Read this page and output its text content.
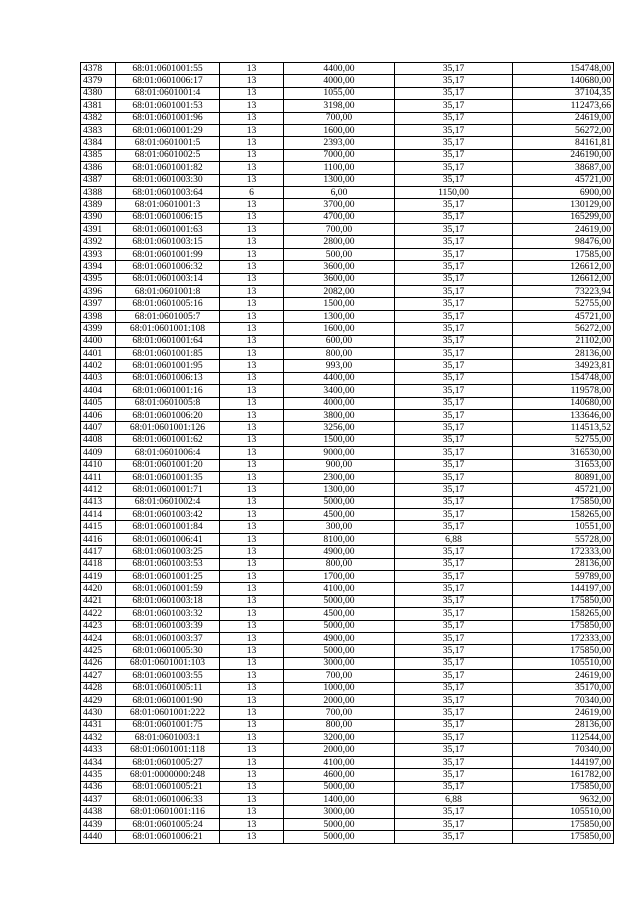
4378	68:01:0601001:55	13	4400,00	35,17	154748,00
4379	68:01:0601006:17	13	4000,00	35,17	140680,00
4380	68:01:0601001:4	13	1055,00	35,17	37104,35
4381	68:01:0601001:53	13	3198,00	35,17	112473,66
4382	68:01:0601001:96	13	700,00	35,17	24619,00
4383	68:01:0601001:29	13	1600,00	35,17	56272,00
4384	68:01:0601001:5	13	2393,00	35,17	84161,81
4385	68:01:0601002:5	13	7000,00	35,17	246190,00
4386	68:01:0601001:82	13	1100,00	35,17	38687,00
4387	68:01:0601003:30	13	1300,00	35,17	45721,00
4388	68:01:0601003:64	6	6,00	1150,00	6900,00
4389	68:01:0601001:3	13	3700,00	35,17	130129,00
4390	68:01:0601006:15	13	4700,00	35,17	165299,00
4391	68:01:0601001:63	13	700,00	35,17	24619,00
4392	68:01:0601003:15	13	2800,00	35,17	98476,00
4393	68:01:0601001:99	13	500,00	35,17	17585,00
4394	68:01:0601006:32	13	3600,00	35,17	126612,00
4395	68:01:0601003:14	13	3600,00	35,17	126612,00
4396	68:01:0601001:8	13	2082,00	35,17	73223,94
4397	68:01:0601005:16	13	1500,00	35,17	52755,00
4398	68:01:0601005:7	13	1300,00	35,17	45721,00
4399	68:01:0601001:108	13	1600,00	35,17	56272,00
4400	68:01:0601001:64	13	600,00	35,17	21102,00
4401	68:01:0601001:85	13	800,00	35,17	28136,00
4402	68:01:0601001:95	13	993,00	35,17	34923,81
4403	68:01:0601006:13	13	4400,00	35,17	154748,00
4404	68:01:0601001:16	13	3400,00	35,17	119578,00
4405	68:01:0601005:8	13	4000,00	35,17	140680,00
4406	68:01:0601006:20	13	3800,00	35,17	133646,00
4407	68:01:0601001:126	13	3256,00	35,17	114513,52
4408	68:01:0601001:62	13	1500,00	35,17	52755,00
4409	68:01:0601006:4	13	9000,00	35,17	316530,00
4410	68:01:0601001:20	13	900,00	35,17	31653,00
4411	68:01:0601001:35	13	2300,00	35,17	80891,00
4412	68:01:0601001:71	13	1300,00	35,17	45721,00
4413	68:01:0601002:4	13	5000,00	35,17	175850,00
4414	68:01:0601003:42	13	4500,00	35,17	158265,00
4415	68:01:0601001:84	13	300,00	35,17	10551,00
4416	68:01:0601006:41	13	8100,00	6,88	55728,00
4417	68:01:0601003:25	13	4900,00	35,17	172333,00
4418	68:01:0601003:53	13	800,00	35,17	28136,00
4419	68:01:0601001:25	13	1700,00	35,17	59789,00
4420	68:01:0601001:59	13	4100,00	35,17	144197,00
4421	68:01:0601003:18	13	5000,00	35,17	175850,00
4422	68:01:0601003:32	13	4500,00	35,17	158265,00
4423	68:01:0601003:39	13	5000,00	35,17	175850,00
4424	68:01:0601003:37	13	4900,00	35,17	172333,00
4425	68:01:0601005:30	13	5000,00	35,17	175850,00
4426	68:01:0601001:103	13	3000,00	35,17	105510,00
4427	68:01:0601003:55	13	700,00	35,17	24619,00
4428	68:01:0601005:11	13	1000,00	35,17	35170,00
4429	68:01:0601001:90	13	2000,00	35,17	70340,00
4430	68:01:0601001:222	13	700,00	35,17	24619,00
4431	68:01:0601001:75	13	800,00	35,17	28136,00
4432	68:01:0601003:1	13	3200,00	35,17	112544,00
4433	68:01:0601001:118	13	2000,00	35,17	70340,00
4434	68:01:0601005:27	13	4100,00	35,17	144197,00
4435	68:01:0000000:248	13	4600,00	35,17	161782,00
4436	68:01:0601005:21	13	5000,00	35,17	175850,00
4437	68:01:0601006:33	13	1400,00	6,88	9632,00
4438	68:01:0601001:116	13	3000,00	35,17	105510,00
4439	68:01:0601005:24	13	5000,00	35,17	175850,00
4440	68:01:0601006:21	13	5000,00	35,17	175850,00
